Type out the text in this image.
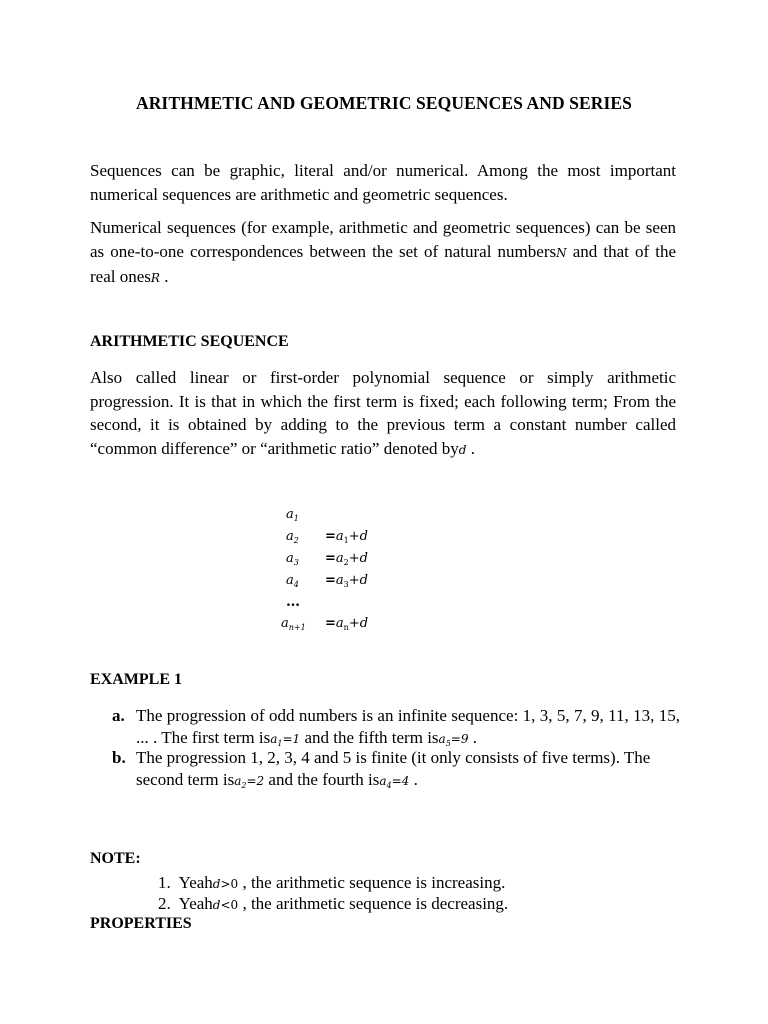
ARITHMETIC AND GEOMETRIC SEQUENCES AND SERIES
Sequences can be graphic, literal and/or numerical. Among the most important numerical sequences are arithmetic and geometric sequences.
Numerical sequences (for example, arithmetic and geometric sequences) can be seen as one-to-one correspondences between the set of natural numbersN and that of the real onesR .
ARITHMETIC SEQUENCE
Also called linear or first-order polynomial sequence or simply arithmetic progression. It is that in which the first term is fixed; each following term; From the second, it is obtained by adding to the previous term a constant number called “common difference” or “arithmetic ratio” denoted byd .
$a_1$
$a_2 =a_1+d$
$a_3 =a_2+d$
$a_4 =a_3+d$
…
$a_{n+1} =a_n+d$
EXAMPLE 1
a. The progression of odd numbers is an infinite sequence: 1, 3, 5, 7, 9, 11, 13, 15, ... . The first term isa$_1$=1 and the fifth term isa$_5$=9 .
b. The progression 1, 2, 3, 4 and 5 is finite (it only consists of five terms). The second term isa$_2$=2 and the fourth isa$_4$=4 .
NOTE:
1. Yeahd>0 , the arithmetic sequence is increasing.
2. Yeahd<0 , the arithmetic sequence is decreasing.
PROPERTIES
